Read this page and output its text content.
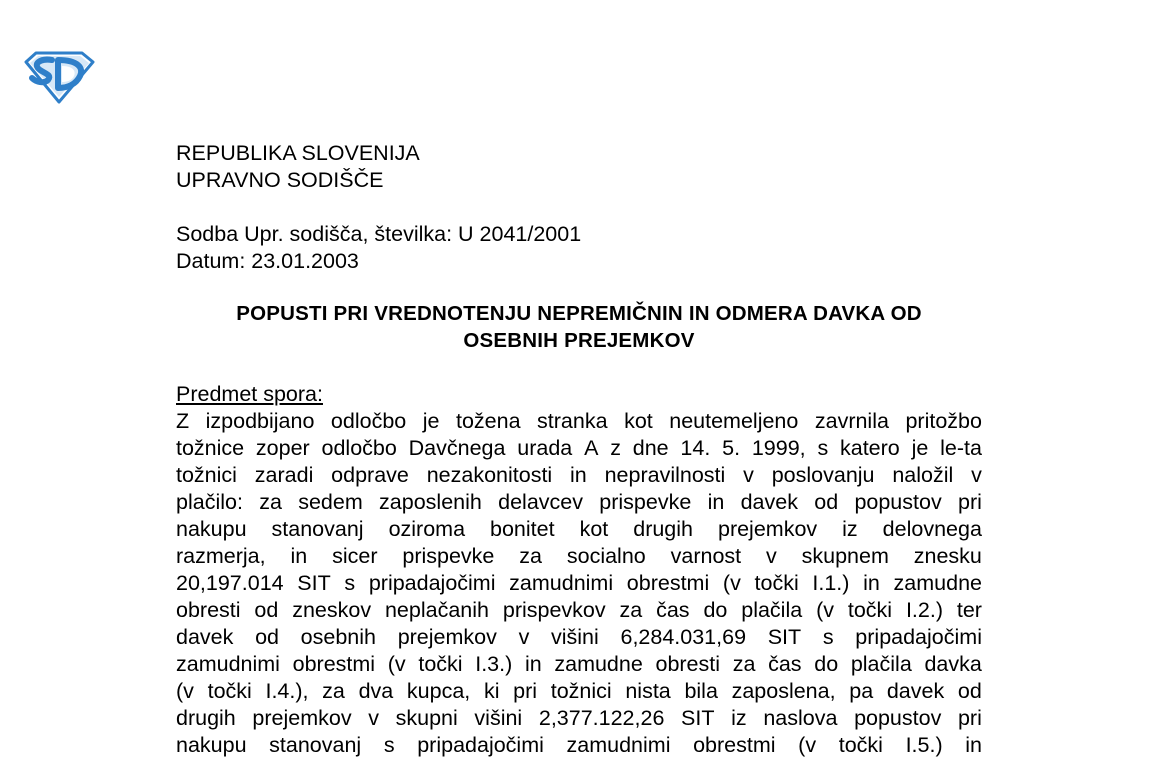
REPUBLIKA SLOVENIJA
UPRAVNO SODIŠČE
Sodba Upr. sodišča, številka: U 2041/2001
Datum: 23.01.2003
POPUSTI PRI VREDNOTENJU NEPREMIČNIN IN ODMERA DAVKA OD
OSEBNIH PREJEMKOV
Predmet spora:
Z izpodbijano odločbo je tožena stranka kot neutemeljeno zavrnila pritožbo
tožnice zoper odločbo Davčnega urada A z dne 14. 5. 1999, s katero je le-ta
tožnici zaradi odprave nezakonitosti in nepravilnosti v poslovanju naložil v
plačilo: za sedem zaposlenih delavcev prispevke in davek od popustov pri
nakupu stanovanj oziroma bonitet kot drugih prejemkov iz delovnega
razmerja, in sicer prispevke za socialno varnost v skupnem znesku
20,197.014 SIT s pripadajočimi zamudnimi obrestmi (v točki I.1.) in zamudne
obresti od zneskov neplačanih prispevkov za čas do plačila (v točki I.2.) ter
davek od osebnih prejemkov v višini 6,284.031,69 SIT s pripadajočimi
zamudnimi obrestmi (v točki I.3.) in zamudne obresti za čas do plačila davka
(v točki I.4.), za dva kupca, ki pri tožnici nista bila zaposlena, pa davek od
drugih prejemkov v skupni višini 2,377.122,26 SIT iz naslova popustov pri
nakupu stanovanj s pripadajočimi zamudnimi obrestmi (v točki I.5.) in
